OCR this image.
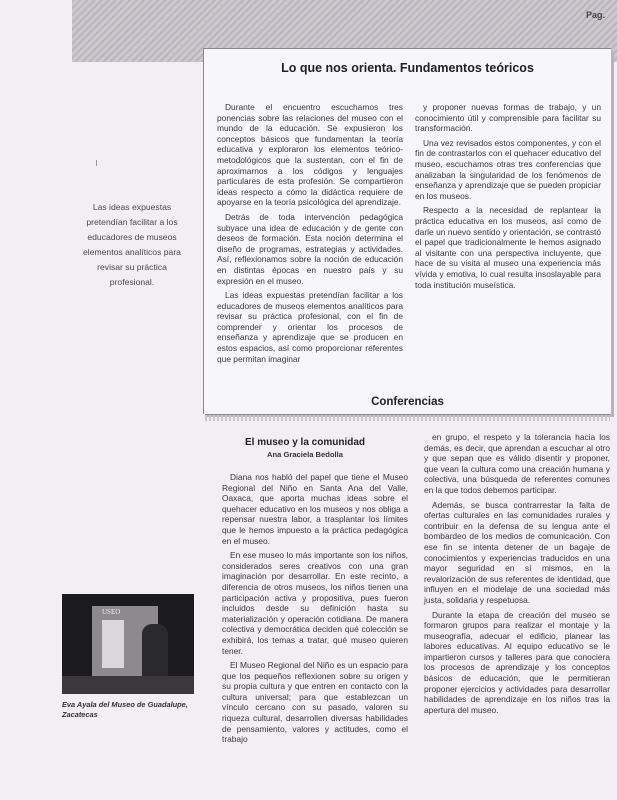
Pag.
Lo que nos orienta. Fundamentos teóricos

Durante el encuentro escuchamos tres ponencias sobre las relaciones del museo con el mundo de la educación. Se expusieron los conceptos básicos que fundamentan la teoría educativa y exploraron los elementos teórico-metodológicos que la sustentan, con el fin de aproximarnos a los códigos y lenguajes particulares de esta profesión. Se compartieron ideas respecto a cómo la didáctica requiere de apoyarse en la teoría psicológica del aprendizaje.

Detrás de toda intervención pedagógica subyace una idea de educación y de gente con deseos de formación. Esta noción determina el diseño de programas, estrategias y actividades. Así, reflexionamos sobre la noción de educación en distintas épocas en nuestro país y su expresión en el museo.

Las ideas expuestas pretendían facilitar a los educadores de museos elementos analíticos para revisar su práctica profesional, con el fin de comprender y orientar los procesos de enseñanza y aprendizaje que se producen en estos espacios, así como proporcionar referentes que permitan imaginar

y proponer nuevas formas de trabajo, y un conocimiento útil y comprensible para facilitar su transformación.

Una vez revisados estos componentes, y con el fin de contrastarlos con el quehacer educativo del museo, escuchamos otras tres conferencias que analizaban la singularidad de los fenómenos de enseñanza y aprendizaje que se pueden propiciar en los museos.

Respecto a la necesidad de replantear la práctica educativa en los museos, así como de darle un nuevo sentido y orientación, se contrastó el papel que tradicionalmente le hemos asignado al visitante con una perspectiva incluyente, que hace de su visita al museo una experiencia más vívida y emotiva, lo cual resulta insoslayable para toda institución museística.

Las ideas expuestas pretendían facilitar a los educadores de museos elementos analíticos para revisar su práctica profesional.
Conferencias
El museo y la comunidad
Ana Graciela Bedolla

Diana nos habló del papel que tiene el Museo Regional del Niño en Santa Ana del Valle, Oaxaca, que aporta muchas ideas sobre el quehacer educativo en los museos y nos obliga a repensar nuestra labor, a trasplantar los límites que le hemos impuesto a la práctica pedagógica en el museo.

En ese museo lo más importante son los niños, considerados seres creativos con una gran imaginación por desarrollar. En este recinto, a diferencia de otros museos, los niños tienen una participación activa y propositiva, pues fueron incluidos desde su definición hasta su materialización y operación cotidiana. De manera colectiva y democrática deciden qué colección se exhibirá, los temas a tratar, qué museo quieren tener.

El Museo Regional del Niño es un espacio para que los pequeños reflexionen sobre su origen y su propia cultura y que entren en contacto con la cultura universal; para que establezcan un vínculo cercano con su pasado, valoren su riqueza cultural, desarrollen diversas habilidades de pensamiento, valores y actitudes, como el trabajo

en grupo, el respeto y la tolerancia hacia los demás, es decir, que aprendan a escuchar al otro y que sepan que es válido disentir y proponer, que vean la cultura como una creación humana y colectiva, una búsqueda de referentes comunes en la que todos debemos participar.

Además, se busca contrarrestar la falta de ofertas culturales en las comunidades rurales y contribuir en la defensa de su lengua ante el bombardeo de los medios de comunicación. Con ese fin se intenta detener de un bagaje de conocimientos y experiencias traducidos en una mayor seguridad en sí mismos, en la revalorización de sus referentes de identidad, que influyen en el modelaje de una sociedad más justa, solidaria y respetuosa.

Durante la etapa de creación del museo se formaron grupos para realizar el montaje y la museografía, adecuar el edificio, planear las labores educativas. Al equipo educativo se le impartieron cursos y talleres para que conociera los procesos de aprendizaje y los conceptos básicos de educación, que le permitieran proponer ejercicios y actividades para desarrollar habilidades de aprendizaje en los niños tras la apertura del museo.

USEO
Eva Ayala del Museo de Guadalupe, Zacatecas
